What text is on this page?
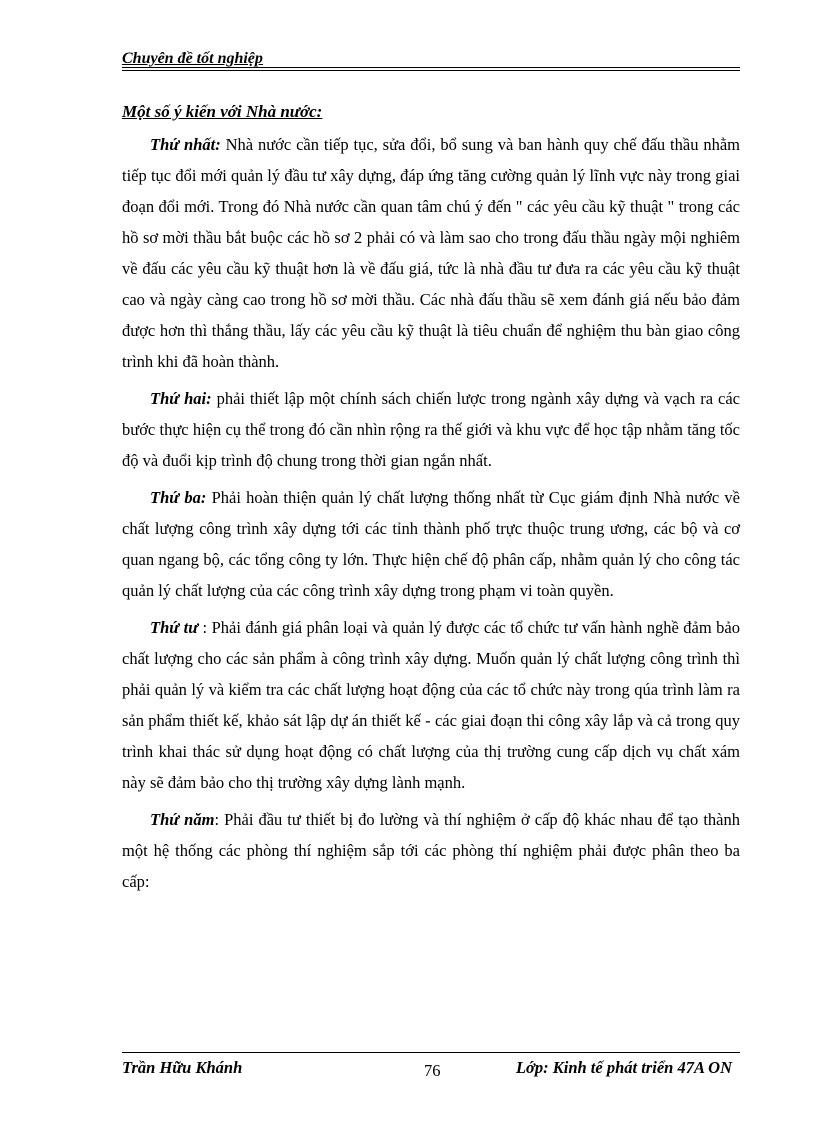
Chuyên đề tốt nghiệp
Một số ý kiến với Nhà nước:

Thứ nhất: Nhà nước cần tiếp tục, sửa đổi, bổ sung và ban hành quy chế đấu thầu nhằm tiếp tục đổi mới quản lý đầu tư xây dựng, đáp ứng tăng cường quản lý lĩnh vực này trong giai đoạn đổi mới. Trong đó Nhà nước cần quan tâm chú ý đến " các yêu cầu kỹ thuật " trong các hồ sơ mời thầu bắt buộc các hồ sơ 2 phải có và làm sao cho trong đấu thầu ngày mội nghiêm về đấu các yêu cầu kỹ thuật hơn là về đấu giá, tức là nhà đầu tư đưa ra các yêu cầu kỹ thuật cao và ngày càng cao trong hồ sơ mời thầu. Các nhà đấu thầu sẽ xem đánh giá nếu bảo đảm được hơn thì thắng thầu, lấy các yêu cầu kỹ thuật là tiêu chuẩn để nghiệm thu bàn giao công trình khi đã hoàn thành.

Thứ hai: phải thiết lập một chính sách chiến lược trong ngành xây dựng và vạch ra các bước thực hiện cụ thể trong đó cần nhìn rộng ra thế giới và khu vực để học tập nhằm tăng tốc độ và đuổi kịp trình độ chung trong thời gian ngắn nhất.

Thứ ba: Phải hoàn thiện quản lý chất lượng thống nhất từ Cục giám định Nhà nước về chất lượng công trình xây dựng tới các tỉnh thành phố trực thuộc trung ương, các bộ và cơ quan ngang bộ, các tổng công ty lớn. Thực hiện chế độ phân cấp, nhằm quản lý cho công tác quản lý chất lượng của các công trình xây dựng trong phạm vi toàn quyền.

Thứ tư : Phải đánh giá phân loại và quản lý được các tổ chức tư vấn hành nghề đảm bảo chất lượng cho các sản phẩm à công trình xây dựng. Muốn quản lý chất lượng công trình thì phải quản lý và kiểm tra các chất lượng hoạt động của các tổ chức này trong qúa trình làm ra sản phẩm thiết kế, khảo sát lập dự án thiết kế - các giai đoạn thi công xây lắp và cả trong quy trình khai thác sử dụng hoạt động có chất lượng của thị trường cung cấp dịch vụ chất xám này sẽ đảm bảo cho thị trường xây dựng lành mạnh.

Thứ năm: Phải đầu tư thiết bị đo lường và thí nghiệm ở cấp độ khác nhau để tạo thành một hệ thống các phòng thí nghiệm sắp tới các phòng thí nghiệm phải được phân theo ba cấp:

Trần Hữu Khánh	76	Lớp: Kinh tế phát triển 47A ON
